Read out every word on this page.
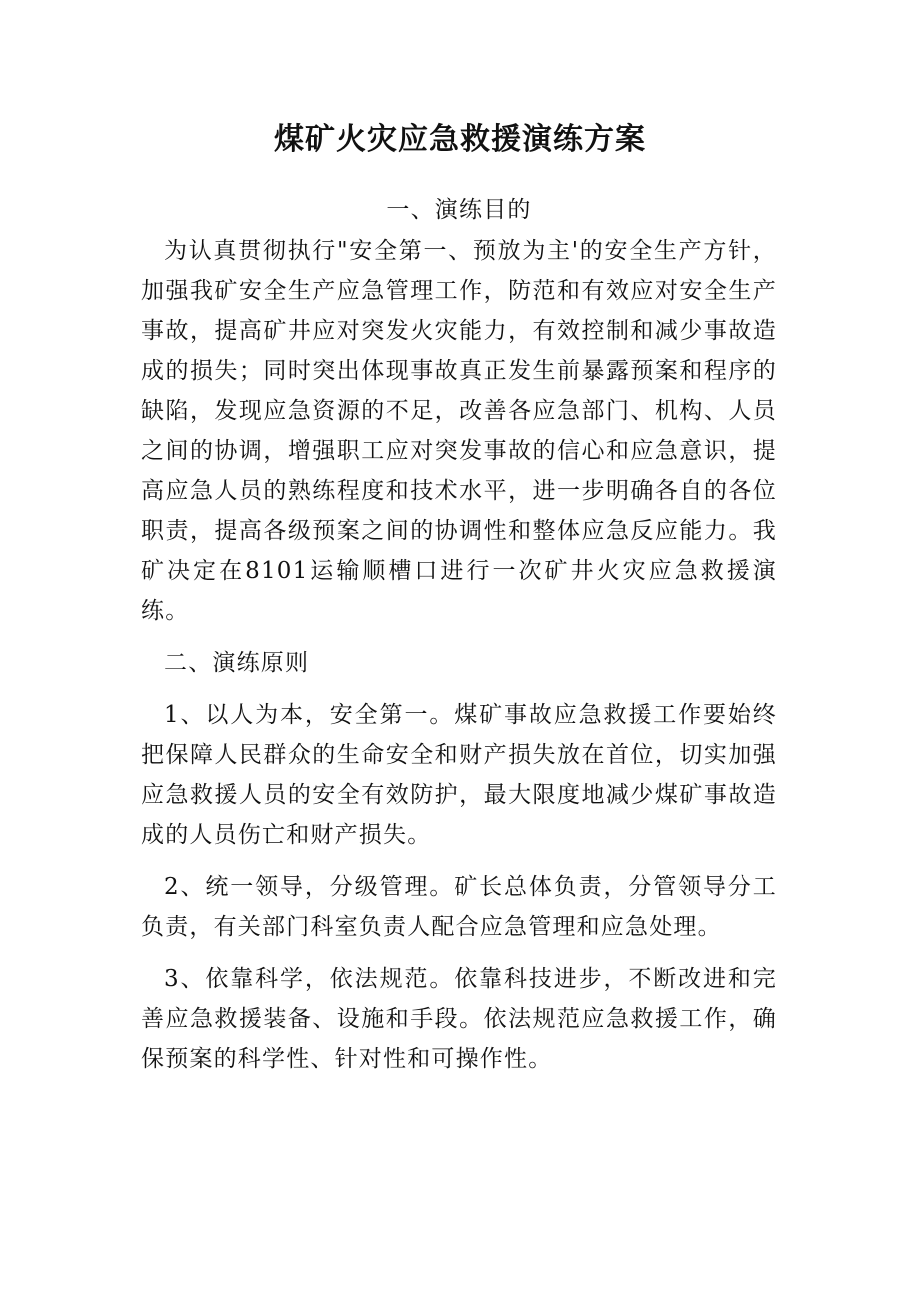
煤矿火灾应急救援演练方案

一、演练目的

为认真贯彻执行"安全第一、预放为主'的安全生产方针，加强我矿安全生产应急管理工作，防范和有效应对安全生产事故，提高矿井应对突发火灾能力，有效控制和减少事故造成的损失；同时突出体现事故真正发生前暴露预案和程序的缺陷，发现应急资源的不足，改善各应急部门、机构、人员之间的协调，增强职工应对突发事故的信心和应急意识，提高应急人员的熟练程度和技术水平，进一步明确各自的各位职责，提高各级预案之间的协调性和整体应急反应能力。我矿决定在8101运输顺槽口进行一次矿井火灾应急救援演练。

二、演练原则

1、以人为本，安全第一。煤矿事故应急救援工作要始终把保障人民群众的生命安全和财产损失放在首位，切实加强应急救援人员的安全有效防护，最大限度地减少煤矿事故造成的人员伤亡和财产损失。

2、统一领导，分级管理。矿长总体负责，分管领导分工负责，有关部门科室负责人配合应急管理和应急处理。

3、依靠科学，依法规范。依靠科技进步，不断改进和完善应急救援装备、设施和手段。依法规范应急救援工作，确保预案的科学性、针对性和可操作性。
